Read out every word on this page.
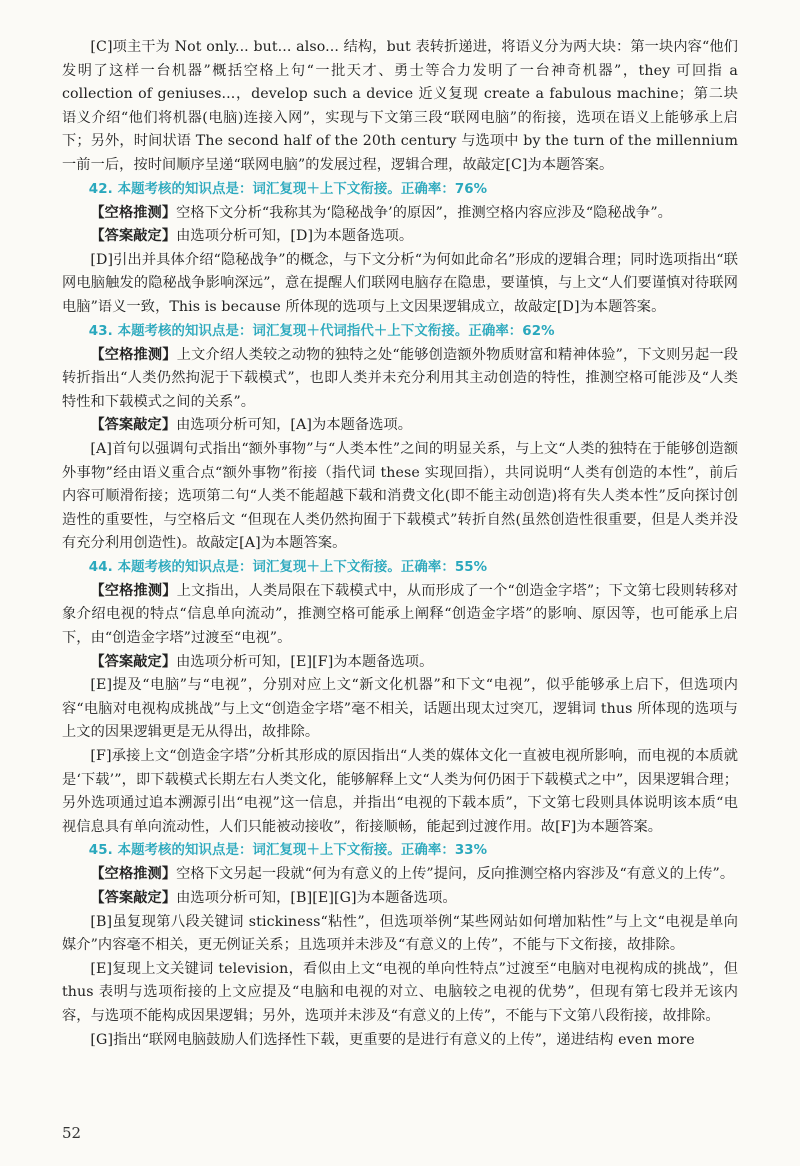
[C]项主干为 Not only... but... also... 结构，but 表转折递进，将语义分为两大块：第一块内容“他们发明了这样一台机器”概括空格上句“一批天才、勇士等合力发明了一台神奇机器”，they 可回指 a collection of geniuses...，develop such a device 近义复现 create a fabulous machine；第二块语义介绍“他们将机器(电脑)连接入网”，实现与下文第三段“联网电脑”的衔接，选项在语义上能够承上启下；另外，时间状语 The second half of the 20th century 与选项中 by the turn of the millennium 一前一后，按时间顺序呈递“联网电脑”的发展过程，逻辑合理，故敲定[C]为本题答案。

42. 本题考核的知识点是：词汇复现＋上下文衔接。正确率：76%

【空格推测】空格下文分析“我称其为‘隐秘战争’的原因”，推测空格内容应涉及“隐秘战争”。

【答案敲定】由选项分析可知，[D]为本题备选项。

[D]引出并具体介绍“隐秘战争”的概念，与下文分析“为何如此命名”形成的逻辑合理；同时选项指出“联网电脑触发的隐秘战争影响深远”，意在提醒人们联网电脑存在隐患，要谨慎，与上文“人们要谨慎对待联网电脑”语义一致，This is because 所体现的选项与上文因果逻辑成立，故敲定[D]为本题答案。

43. 本题考核的知识点是：词汇复现＋代词指代＋上下文衔接。正确率：62%

【空格推测】上文介绍人类较之动物的独特之处“能够创造额外物质财富和精神体验”，下文则另起一段转折指出“人类仍然拘泥于下载模式”，也即人类并未充分利用其主动创造的特性，推测空格可能涉及“人类特性和下载模式之间的关系”。

【答案敲定】由选项分析可知，[A]为本题备选项。

[A]首句以强调句式指出“额外事物”与“人类本性”之间的明显关系，与上文“人类的独特在于能够创造额外事物”经由语义重合点“额外事物”衔接（指代词 these 实现回指），共同说明“人类有创造的本性”，前后内容可顺滑衔接；选项第二句“人类不能超越下载和消费文化(即不能主动创造)将有失人类本性”反向探讨创造性的重要性，与空格后文 “但现在人类仍然拘囿于下载模式”转折自然(虽然创造性很重要，但是人类并没有充分利用创造性)。故敲定[A]为本题答案。

44. 本题考核的知识点是：词汇复现＋上下文衔接。正确率：55%

【空格推测】上文指出，人类局限在下载模式中，从而形成了一个“创造金字塔”；下文第七段则转移对象介绍电视的特点“信息单向流动”，推测空格可能承上阐释“创造金字塔”的影响、原因等，也可能承上启下，由“创造金字塔”过渡至“电视”。

【答案敲定】由选项分析可知，[E][F]为本题备选项。

[E]提及“电脑”与“电视”，分别对应上文“新文化机器”和下文“电视”，似乎能够承上启下，但选项内容“电脑对电视构成挑战”与上文“创造金字塔”毫不相关，话题出现太过突兀，逻辑词 thus 所体现的选项与上文的因果逻辑更是无从得出，故排除。

[F]承接上文“创造金字塔”分析其形成的原因指出“人类的媒体文化一直被电视所影响，而电视的本质就是‘下载’”，即下载模式长期左右人类文化，能够解释上文“人类为何仍困于下载模式之中”，因果逻辑合理；另外选项通过追本溯源引出“电视”这一信息，并指出“电视的下载本质”，下文第七段则具体说明该本质“电视信息具有单向流动性，人们只能被动接收”，衔接顺畅，能起到过渡作用。故[F]为本题答案。

45. 本题考核的知识点是：词汇复现＋上下文衔接。正确率：33%

【空格推测】空格下文另起一段就“何为有意义的上传”提问，反向推测空格内容涉及“有意义的上传”。

【答案敲定】由选项分析可知，[B][E][G]为本题备选项。

[B]虽复现第八段关键词 stickiness“粘性”，但选项举例“某些网站如何增加粘性”与上文“电视是单向媒介”内容毫不相关，更无例证关系；且选项并未涉及“有意义的上传”，不能与下文衔接，故排除。

[E]复现上文关键词 television，看似由上文“电视的单向性特点”过渡至“电脑对电视构成的挑战”，但 thus 表明与选项衔接的上文应提及“电脑和电视的对立、电脑较之电视的优势”，但现有第七段并无该内容，与选项不能构成因果逻辑；另外，选项并未涉及“有意义的上传”，不能与下文第八段衔接，故排除。

[G]指出“联网电脑鼓励人们选择性下载，更重要的是进行有意义的上传”，递进结构 even more

52
